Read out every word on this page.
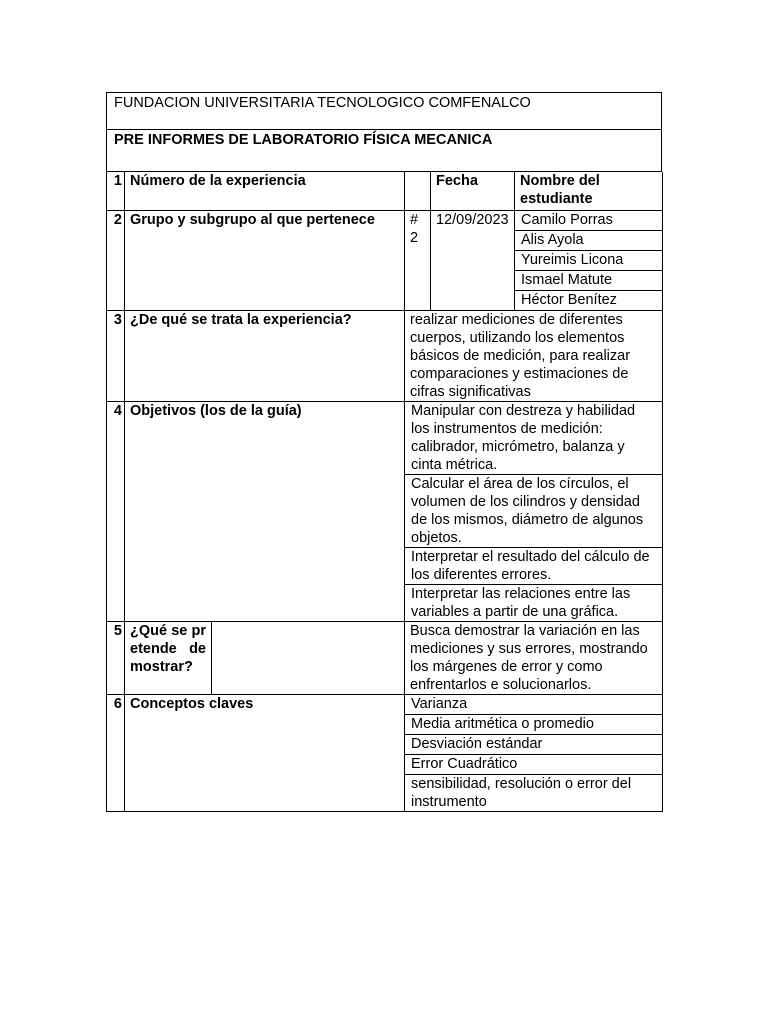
FUNDACION UNIVERSITARIA TECNOLOGICO COMFENALCO
PRE INFORMES DE LABORATORIO FÍSICA MECANICA
1	Número de la experiencia			Fecha	Nombre del estudiante
2	Grupo y subgrupo al que pertenece		# 2	12/09/2023	Camilo Porras
Alis Ayola
Yureimis Licona
Ismael Matute
Héctor Benítez

3	¿De qué se trata la experiencia?		realizar mediciones de diferentes cuerpos, utilizando los elementos básicos de medición, para realizar comparaciones y estimaciones de cifras significativas		
4	Objetivos (los de la guía)		Manipular con destreza y habilidad los instrumentos de medición: calibrador, micrómetro, balanza y cinta métrica.
Calcular el área de los círculos, el volumen de los cilindros y densidad de los mismos, diámetro de algunos objetos.
Interpretar el resultado del cálculo de los diferentes errores.
Interpretar las relaciones entre las variables a partir de una gráfica.		

5	¿Qué se pretende demostrar?		Busca demostrar la variación en las mediciones y sus errores, mostrando los márgenes de error y como enfrentarlos e solucionarlos.		
6	Conceptos claves		Varianza
Media aritmética o promedio
Desviación estándar
Error Cuadrático
sensibilidad, resolución o error del instrumento		
